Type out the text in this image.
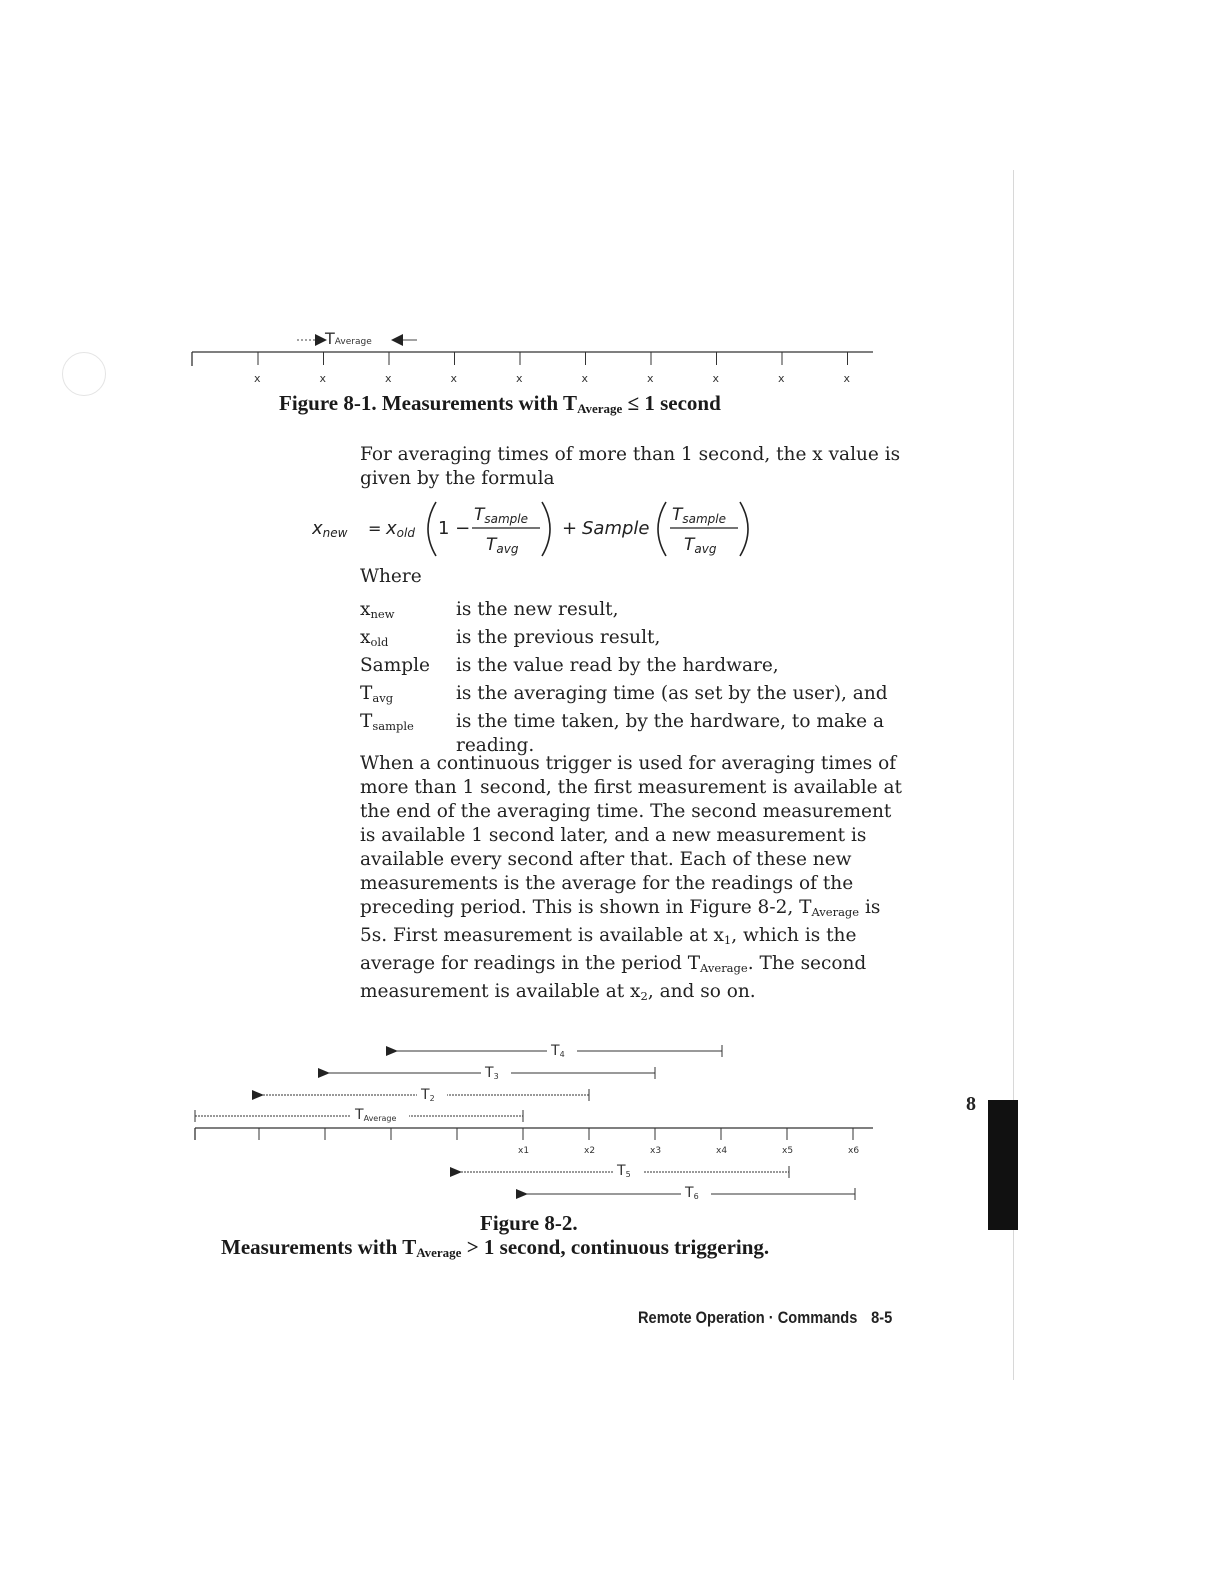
TAverage
x	x	x	x	x	x	x	x	x	x
Figure 8-1. Measurements with $T_{Average} \le 1$ second
For averaging times of more than 1 second, the x value is given by the formula
xnew = xold 1 −
Tsample
Tavg
+ Sample
Tsample
Tavg
Where
$x_{new}$	is the new result,
$x_{old}$	is the previous result,
Sample	is the value read by the hardware,
$T_{avg}$	is the averaging time (as set by the user), and
$T_{sample}$	is the time taken, by the hardware, to make a reading.
When a continuous trigger is used for averaging times of more than 1 second, the first measurement is available at the end of the averaging time. The second measurement is available 1 second later, and a new measurement is available every second after that. Each of these new measurements is the average for the readings of the preceding period. This is shown in Figure 8-2, $T_{Average}$ is 5s. First measurement is available at $x_1$, which is the average for readings in the period $T_{Average}$. The second measurement is available at $x_2$, and so on.
T4
T3
T2
TAverage
x1	x2	x3	x4	x5	x6
T5
T6
Figure 8-2.
Measurements with $T_{Average} > 1$ second, continuous triggering.
8
Remote Operation · Commands 8-5
